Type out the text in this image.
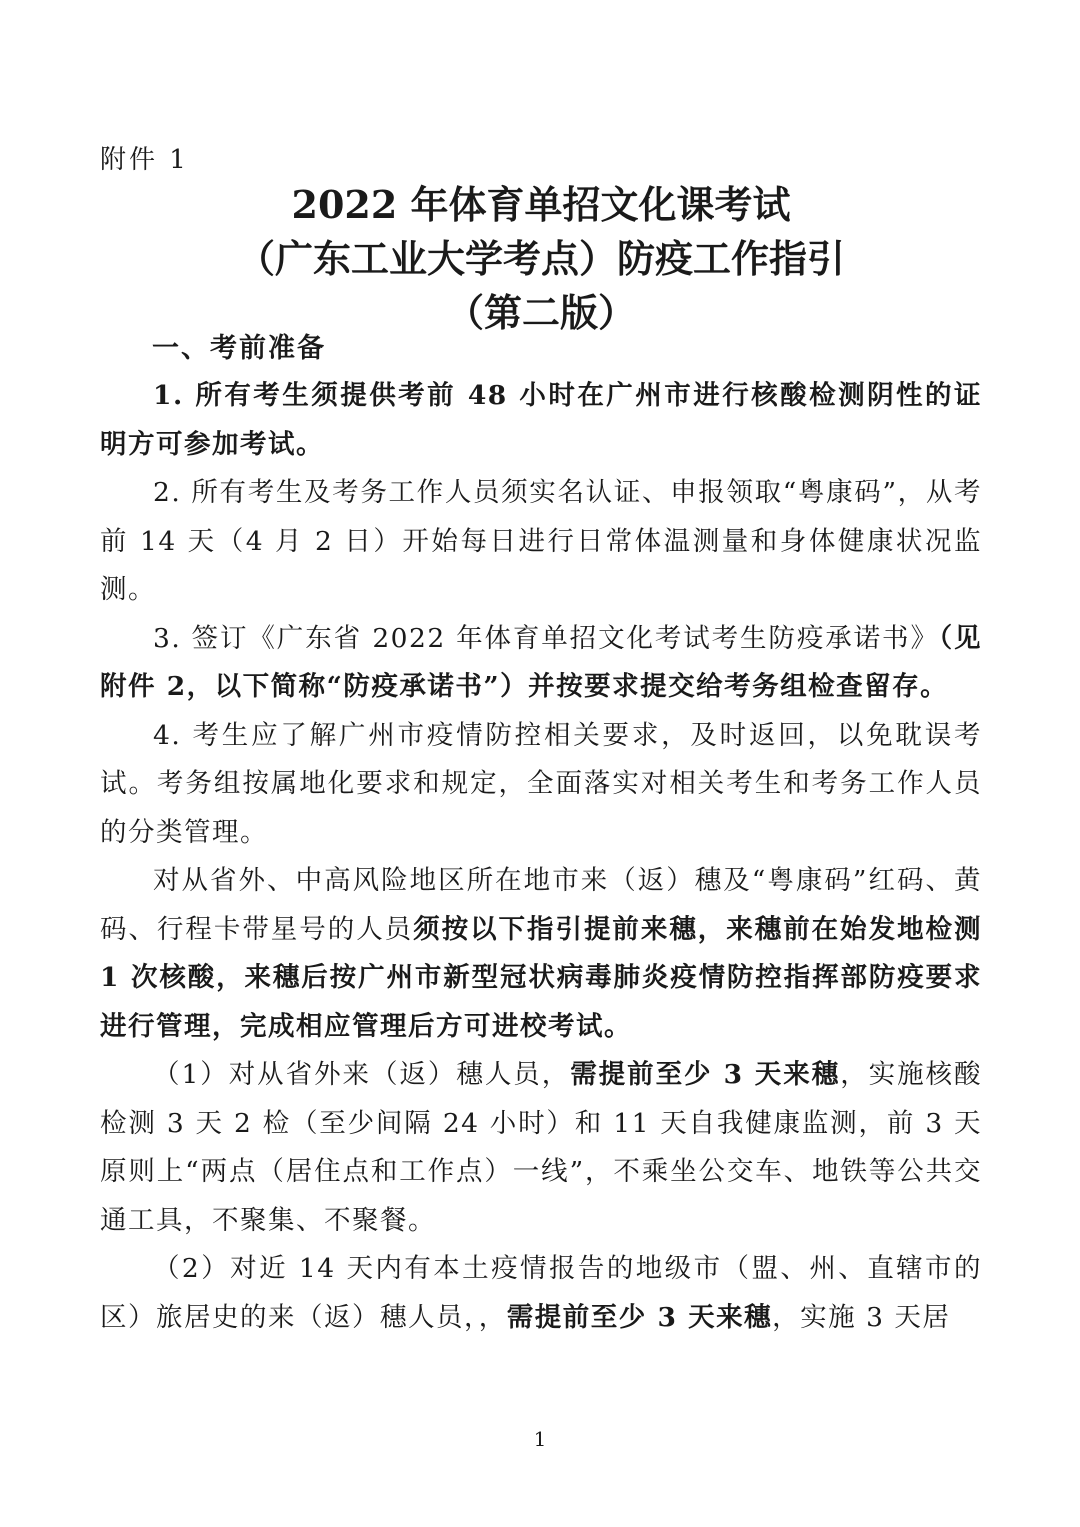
附件 1
2022 年体育单招文化课考试
（广东工业大学考点）防疫工作指引
（第二版）
一、考前准备

1. 所有考生须提供考前 48 小时在广州市进行核酸检测阴性的证明方可参加考试。

2. 所有考生及考务工作人员须实名认证、申报领取“粤康码”，从考前 14 天（4 月 2 日）开始每日进行日常体温测量和身体健康状况监测。

3. 签订《广东省 2022 年体育单招文化考试考生防疫承诺书》（见附件 2，以下简称“防疫承诺书”）并按要求提交给考务组检查留存。

4. 考生应了解广州市疫情防控相关要求，及时返回，以免耽误考试。考务组按属地化要求和规定，全面落实对相关考生和考务工作人员的分类管理。

对从省外、中高风险地区所在地市来（返）穗及“粤康码”红码、黄码、行程卡带星号的人员须按以下指引提前来穗，来穗前在始发地检测 1 次核酸，来穗后按广州市新型冠状病毒肺炎疫情防控指挥部防疫要求进行管理，完成相应管理后方可进校考试。

（1）对从省外来（返）穗人员，需提前至少 3 天来穗，实施核酸检测 3 天 2 检（至少间隔 24 小时）和 11 天自我健康监测，前 3 天原则上“两点（居住点和工作点）一线”，不乘坐公交车、地铁等公共交通工具，不聚集、不聚餐。

（2）对近 14 天内有本土疫情报告的地级市（盟、州、直辖市的区）旅居史的来（返）穗人员，，需提前至少 3 天来穗，实施 3 天居

1
